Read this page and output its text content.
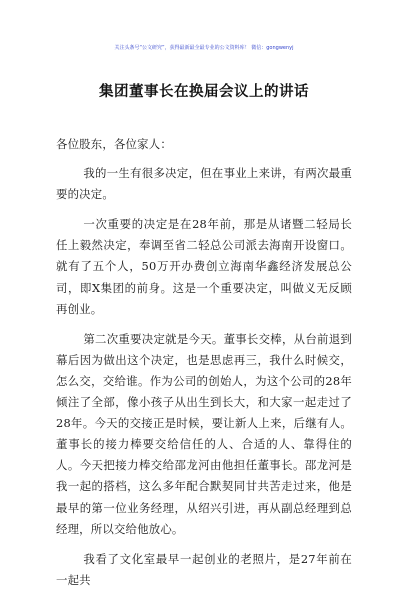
关注头条号“公文研究”，获得最新最全最专业的公文资料库！ 微信：gongwenyj
集团董事长在换届会议上的讲话

各位股东，各位家人：

我的一生有很多决定，但在事业上来讲，有两次最重要的决定。

一次重要的决定是在28年前，那是从诸暨二轻局长任上毅然决定，奉调至省二轻总公司派去海南开设窗口。就有了五个人，50万开办费创立海南华鑫经济发展总公司，即X集团的前身。这是一个重要决定，叫做义无反顾再创业。

第二次重要决定就是今天。董事长交棒，从台前退到幕后因为做出这个决定，也是思虑再三，我什么时候交，怎么交，交给谁。作为公司的创始人，为这个公司的28年倾注了全部，像小孩子从出生到长大，和大家一起走过了28年。今天的交接正是时候，要让新人上来，后继有人。董事长的接力棒要交给信任的人、合适的人、靠得住的人。今天把接力棒交给邵龙河由他担任董事长。邵龙河是我一起的搭档，这么多年配合默契同甘共苦走过来，他是最早的第一位业务经理，从绍兴引进，再从副总经理到总经理，所以交给他放心。

我看了文化室最早一起创业的老照片，是27年前在一起共
